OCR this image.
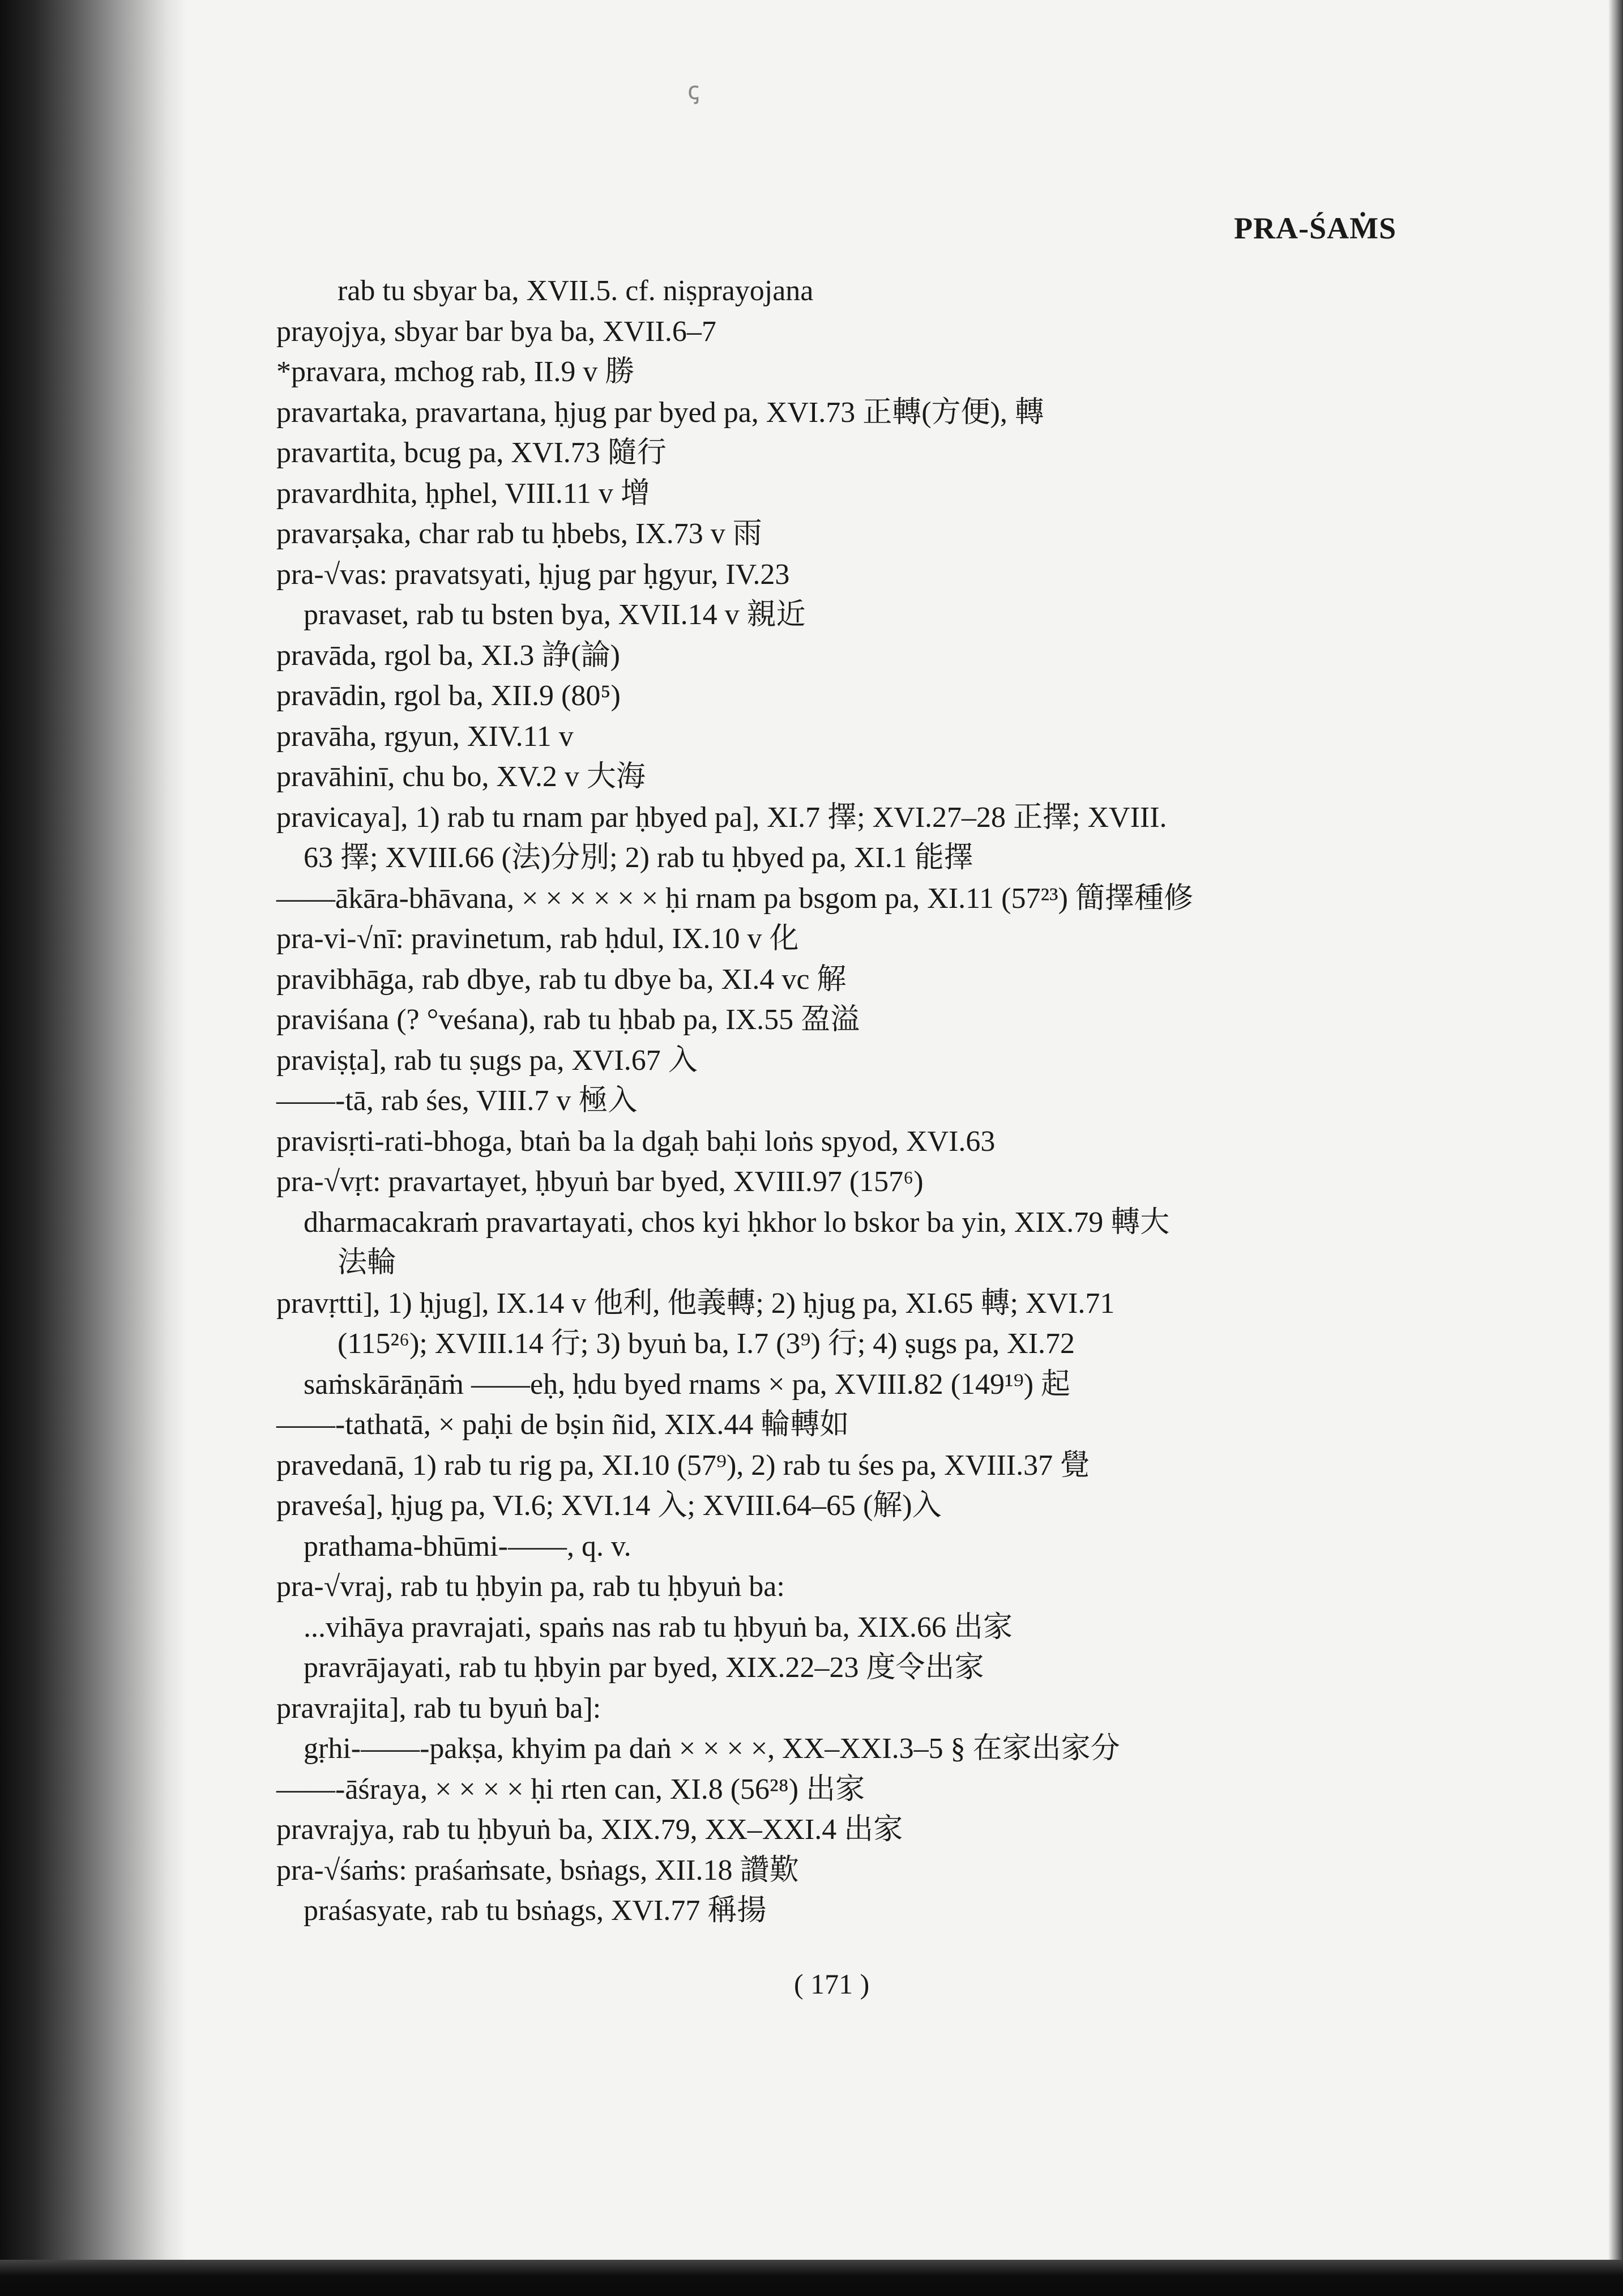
ꞔ
PRA-ŚAṀS
rab tu sbyar ba, XVII.5. cf. niṣprayojana
prayojya, sbyar bar bya ba, XVII.6–7
*pravara, mchog rab, II.9 v 勝
pravartaka, pravartana, ḥjug par byed pa, XVI.73 正轉(方便), 轉
pravartita, bcug pa, XVI.73 隨行
pravardhita, ḥphel, VIII.11 v 增
pravarṣaka, char rab tu ḥbebs, IX.73 v 雨
pra-√vas: pravatsyati, ḥjug par ḥgyur, IV.23
pravaset, rab tu bsten bya, XVII.14 v 親近
pravāda, rgol ba, XI.3 諍(論)
pravādin, rgol ba, XII.9 (80⁵)
pravāha, rgyun, XIV.11 v
pravāhinī, chu bo, XV.2 v 大海
pravicaya], 1) rab tu rnam par ḥbyed pa], XI.7 擇; XVI.27–28 正擇; XVIII.
63 擇; XVIII.66 (法)分別; 2) rab tu ḥbyed pa, XI.1 能擇
——ākāra-bhāvana, × × × × × × ḥi rnam pa bsgom pa, XI.11 (57²³) 簡擇種修
pra-vi-√nī: pravinetum, rab ḥdul, IX.10 v 化
pravibhāga, rab dbye, rab tu dbye ba, XI.4 vc 解
praviśana (? °veśana), rab tu ḥbab pa, IX.55 盈溢
praviṣṭa], rab tu ṣugs pa, XVI.67 入
——-tā, rab śes, VIII.7 v 極入
pravisṛti-rati-bhoga, btaṅ ba la dgaḥ baḥi loṅs spyod, XVI.63
pra-√vṛt: pravartayet, ḥbyuṅ bar byed, XVIII.97 (157⁶)
dharmacakraṁ pravartayati, chos kyi ḥkhor lo bskor ba yin, XIX.79 轉大
法輪
pravṛtti], 1) ḥjug], IX.14 v 他利, 他義轉; 2) ḥjug pa, XI.65 轉; XVI.71
(115²⁶); XVIII.14 行; 3) byuṅ ba, I.7 (3⁹) 行; 4) ṣugs pa, XI.72
saṁskārāṇāṁ ——eḥ, ḥdu byed rnams × pa, XVIII.82 (149¹⁹) 起
——-tathatā, × paḥi de bṣin ñid, XIX.44 輪轉如
pravedanā, 1) rab tu rig pa, XI.10 (57⁹), 2) rab tu śes pa, XVIII.37 覺
praveśa], ḥjug pa, VI.6; XVI.14 入; XVIII.64–65 (解)入
prathama-bhūmi-——, q. v.
pra-√vraj, rab tu ḥbyin pa, rab tu ḥbyuṅ ba:
...vihāya pravrajati, spaṅs nas rab tu ḥbyuṅ ba, XIX.66 出家
pravrājayati, rab tu ḥbyin par byed, XIX.22–23 度令出家
pravrajita], rab tu byuṅ ba]:
gṛhi-——-pakṣa, khyim pa daṅ × × × ×, XX–XXI.3–5 § 在家出家分
——-āśraya, × × × × ḥi rten can, XI.8 (56²⁸) 出家
pravrajya, rab tu ḥbyuṅ ba, XIX.79, XX–XXI.4 出家
pra-√śaṁs: praśaṁsate, bsṅags, XII.18 讚歎
praśasyate, rab tu bsṅags, XVI.77 稱揚
( 171 )
